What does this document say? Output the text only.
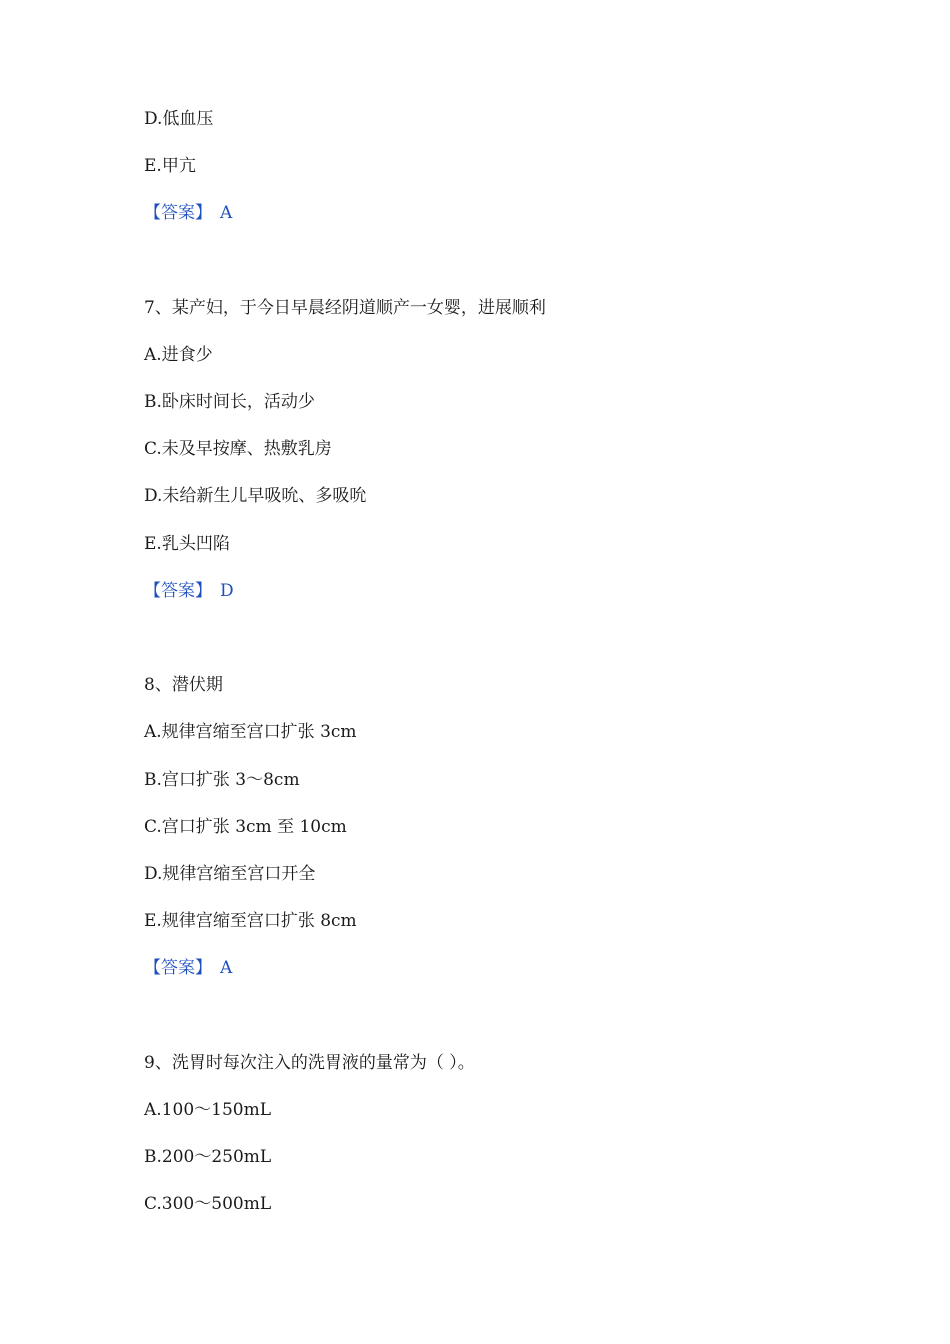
D.低血压
E.甲亢
【答案】 A
7、某产妇，于今日早晨经阴道顺产一女婴，进展顺利
A.进食少
B.卧床时间长，活动少
C.未及早按摩、热敷乳房
D.未给新生儿早吸吮、多吸吮
E.乳头凹陷
【答案】 D
8、潜伏期
A.规律宫缩至宫口扩张 3cm
B.宫口扩张 3～8cm
C.宫口扩张 3cm 至 10cm
D.规律宫缩至宫口开全
E.规律宫缩至宫口扩张 8cm
【答案】 A
9、洗胃时每次注入的洗胃液的量常为（ ）。
A.100～150mL
B.200～250mL
C.300～500mL
